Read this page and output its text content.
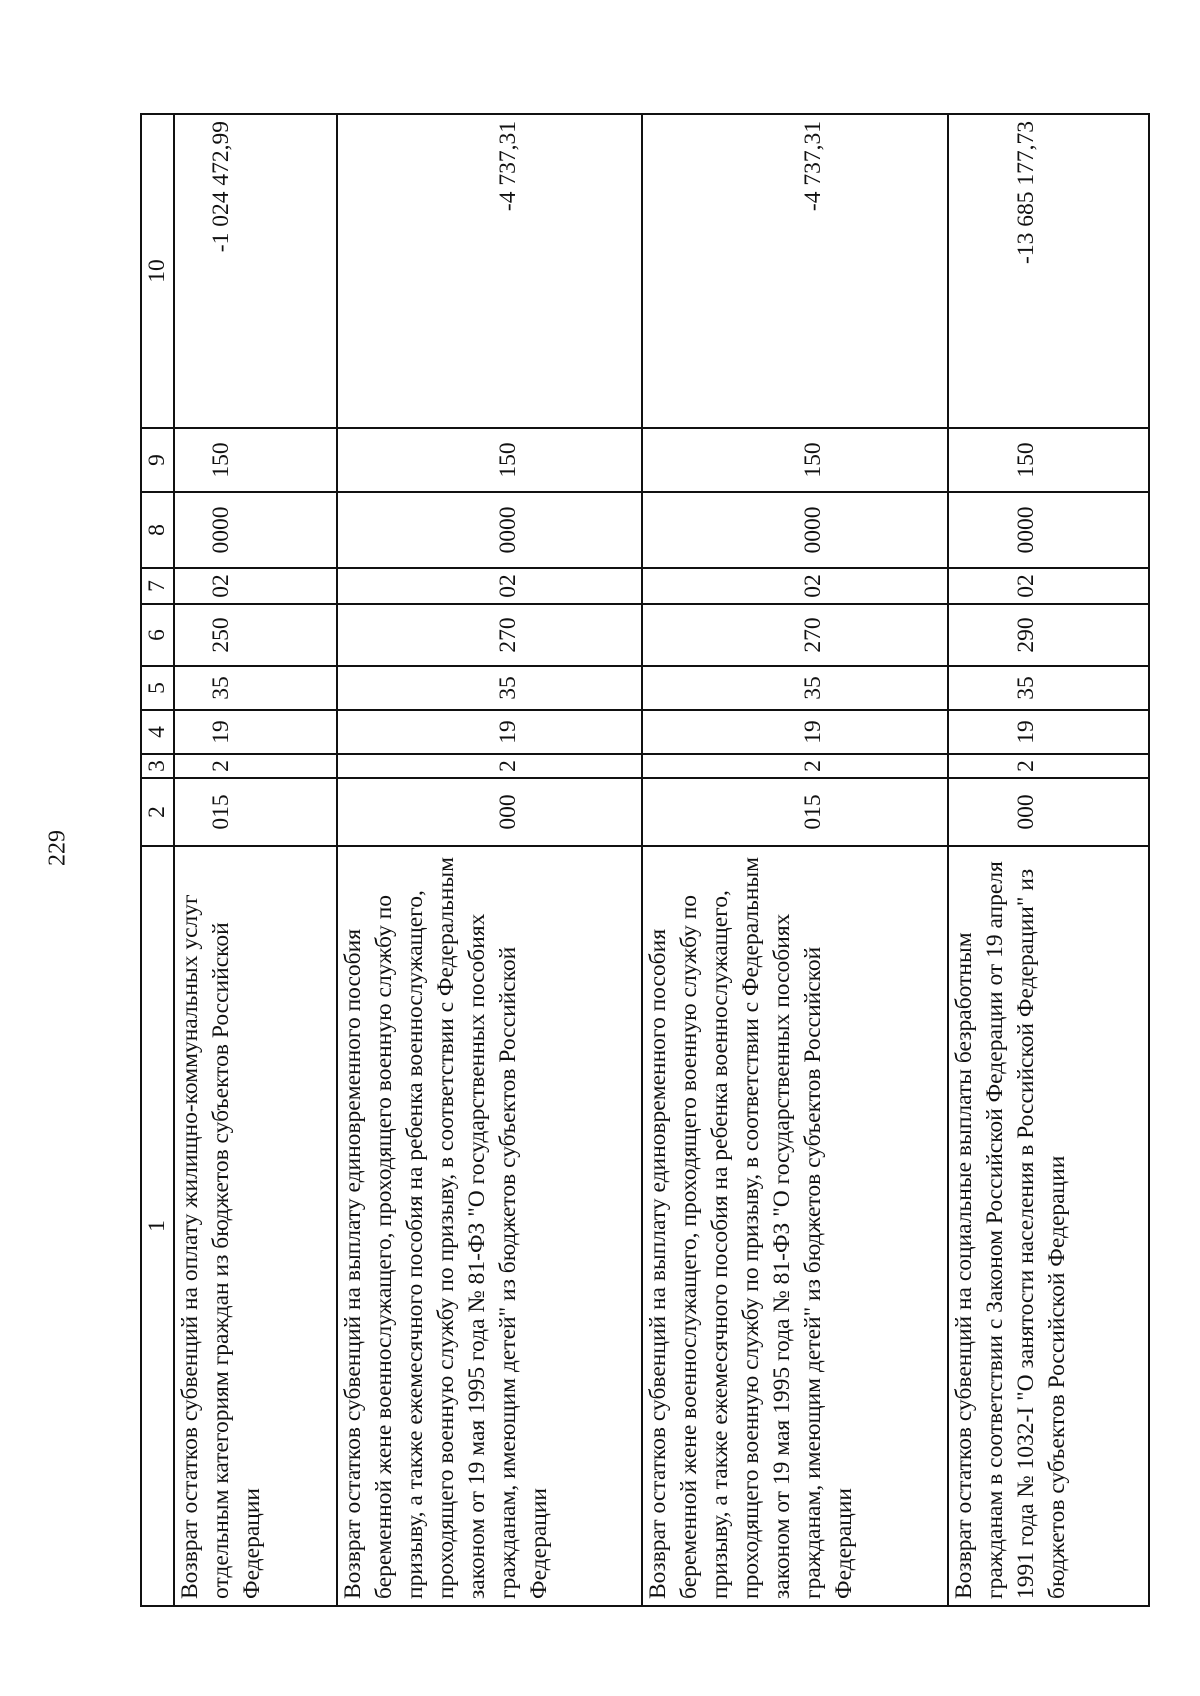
229
1	2	3	4	5	6	7	8	9	10
Возврат остатков субвенций на оплату жилищно-коммунальных услуг отдельным категориям граждан из бюджетов субъектов Российской Федерации	015	2	19	35	250	02	0000	150	-1 024 472,99
Возврат остатков субвенций на выплату единовременного пособия беременной жене военнослужащего, проходящего военную службу по призыву, а также ежемесячного пособия на ребенка военнослужащего, проходящего военную службу по призыву, в соответствии с Федеральным законом от 19 мая 1995 года № 81-ФЗ "О государственных пособиях гражданам, имеющим детей" из бюджетов субъектов Российской Федерации	000	2	19	35	270	02	0000	150	-4 737,31
Возврат остатков субвенций на выплату единовременного пособия беременной жене военнослужащего, проходящего военную службу по призыву, а также ежемесячного пособия на ребенка военнослужащего, проходящего военную службу по призыву, в соответствии с Федеральным законом от 19 мая 1995 года № 81-ФЗ "О государственных пособиях гражданам, имеющим детей" из бюджетов субъектов Российской Федерации	015	2	19	35	270	02	0000	150	-4 737,31
Возврат остатков субвенций на социальные выплаты безработным гражданам в соответствии с Законом Российской Федерации от 19 апреля 1991 года № 1032-I "О занятости населения в Российской Федерации" из бюджетов субъектов Российской Федерации	000	2	19	35	290	02	0000	150	-13 685 177,73
